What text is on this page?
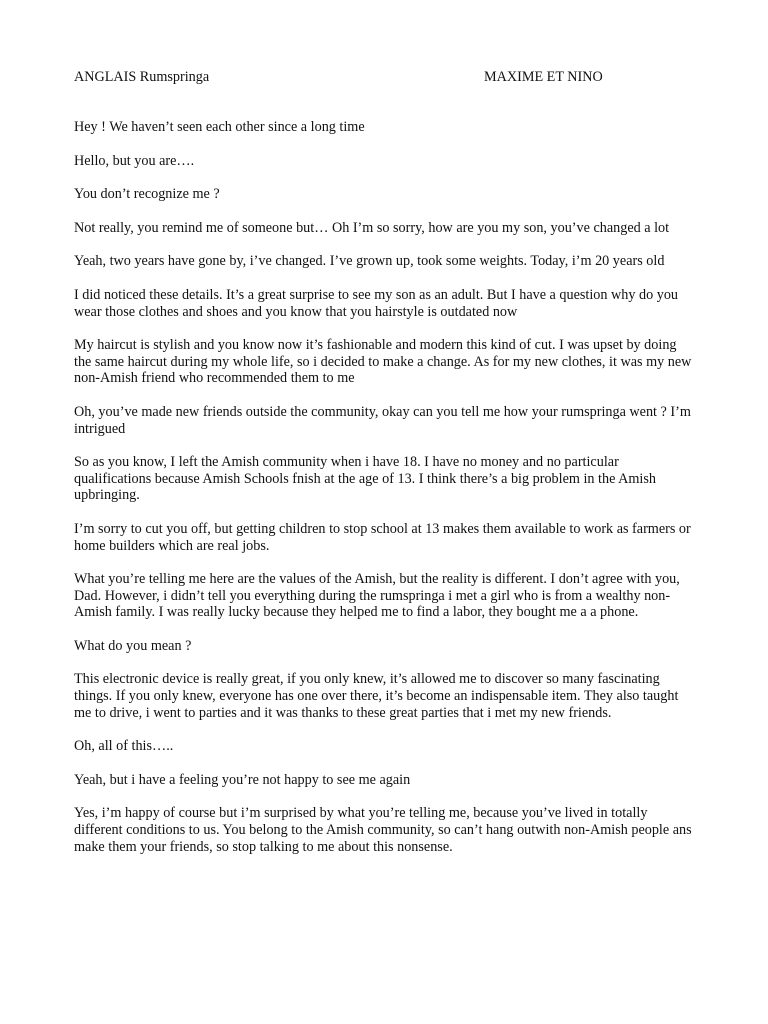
ANGLAIS Rumspringa	MAXIME ET NINO

Hey ! We haven’t seen each other since a long time

Hello, but you are….

You don’t recognize me ?

Not really, you remind me of someone but… Oh I’m so sorry, how are you my son, you’ve changed a lot

Yeah, two years have gone by, i’ve changed. I’ve grown up, took some weights. Today, i’m 20 years old

I did noticed these details. It’s a great surprise to see my son as an adult. But I have a question why do you wear those clothes and shoes and you know that you hairstyle is outdated now

My haircut is stylish and you know now it’s fashionable and modern this kind of cut. I was upset by doing the same haircut during my whole life, so i decided to make a change. As for my new clothes, it was my new non-Amish friend who recommended them to me

Oh, you’ve made new friends outside the community, okay can you tell me how your rumspringa went ? I’m intrigued

So as you know, I left the Amish community when i have 18. I have no money and no particular qualifications because Amish Schools fnish at the age of 13. I think there’s a big problem in the Amish upbringing.

I’m sorry to cut you off, but getting children to stop school at 13 makes them available to work as farmers or home builders which are real jobs.

What you’re telling me here are the values of the Amish, but the reality is different. I don’t agree with you, Dad. However, i didn’t tell you everything during the rumspringa i met a girl who is from a wealthy non-Amish family. I was really lucky because they helped me to find a labor, they bought me a a phone.

What do you mean ?

This electronic device is really great, if you only knew, it’s allowed me to discover so many fascinating things. If you only knew, everyone has one over there, it’s become an indispensable item. They also taught me to drive, i went to parties and it was thanks to these great parties that i met my new friends.

Oh, all of this…..

Yeah, but i have a feeling you’re not happy to see me again

Yes, i’m happy of course but i’m surprised by what you’re telling me, because you’ve lived in totally different conditions to us. You belong to the Amish community, so can’t hang outwith non-Amish people ans make them your friends, so stop talking to me about this nonsense.
